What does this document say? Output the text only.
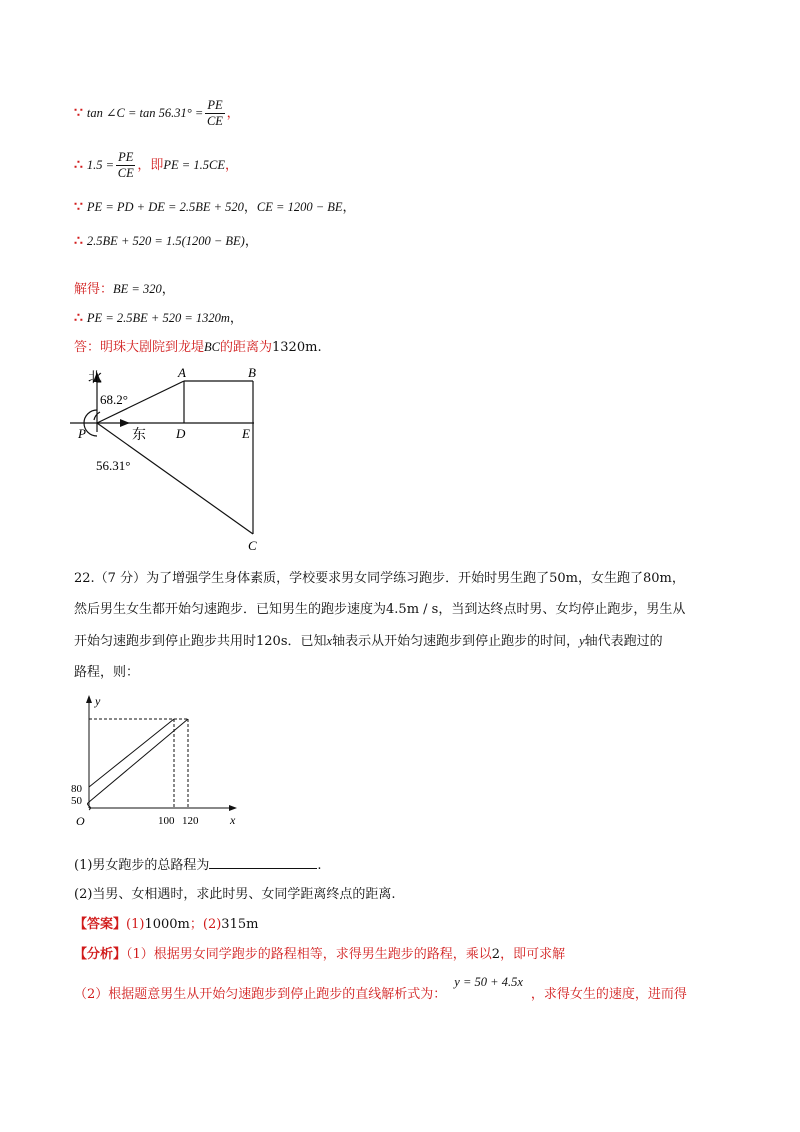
∵ tan ∠C = $\tan 56.31^\circ = \frac{PE}{CE}$ ，
∴ $1.5 = \frac{PE}{CE}$ ，即PE = 1.5CE，
∵ PE = PD + DE = 2.5BE + 520，CE = 1200 − BE，
∴ 2.5BE + 520 = 1.5(1200 − BE)，
解得：BE = 320，
∴ PE = 2.5BE + 520 = 1320m，
答：明珠大剧院到龙堤BC的距离为1320m.
北
东
68.2°
56.31°
A	B
P	D	E
C
22.（7 分）为了增强学生身体素质，学校要求男女同学练习跑步．开始时男生跑了50m，女生跑了80m，
然后男生女生都开始匀速跑步．已知男生的跑步速度为4.5m / s，当到达终点时男、女均停止跑步，男生从
开始匀速跑步到停止跑步共用时120s．已知x轴表示从开始匀速跑步到停止跑步的时间，y轴代表跑过的
路程，则：
y
x
O
80
50
100 120
(1)男女跑步的总路程为	.
(2)当男、女相遇时，求此时男、女同学距离终点的距离.
【答案】(1)1000m；(2)315m
【分析】（1）根据男女同学跑步的路程相等，求得男生跑步的路程，乘以2，即可求解
（2）根据题意男生从开始匀速跑步到停止跑步的直线解析式为：y = 50 + 4.5x，求得女生的速度，进而得
